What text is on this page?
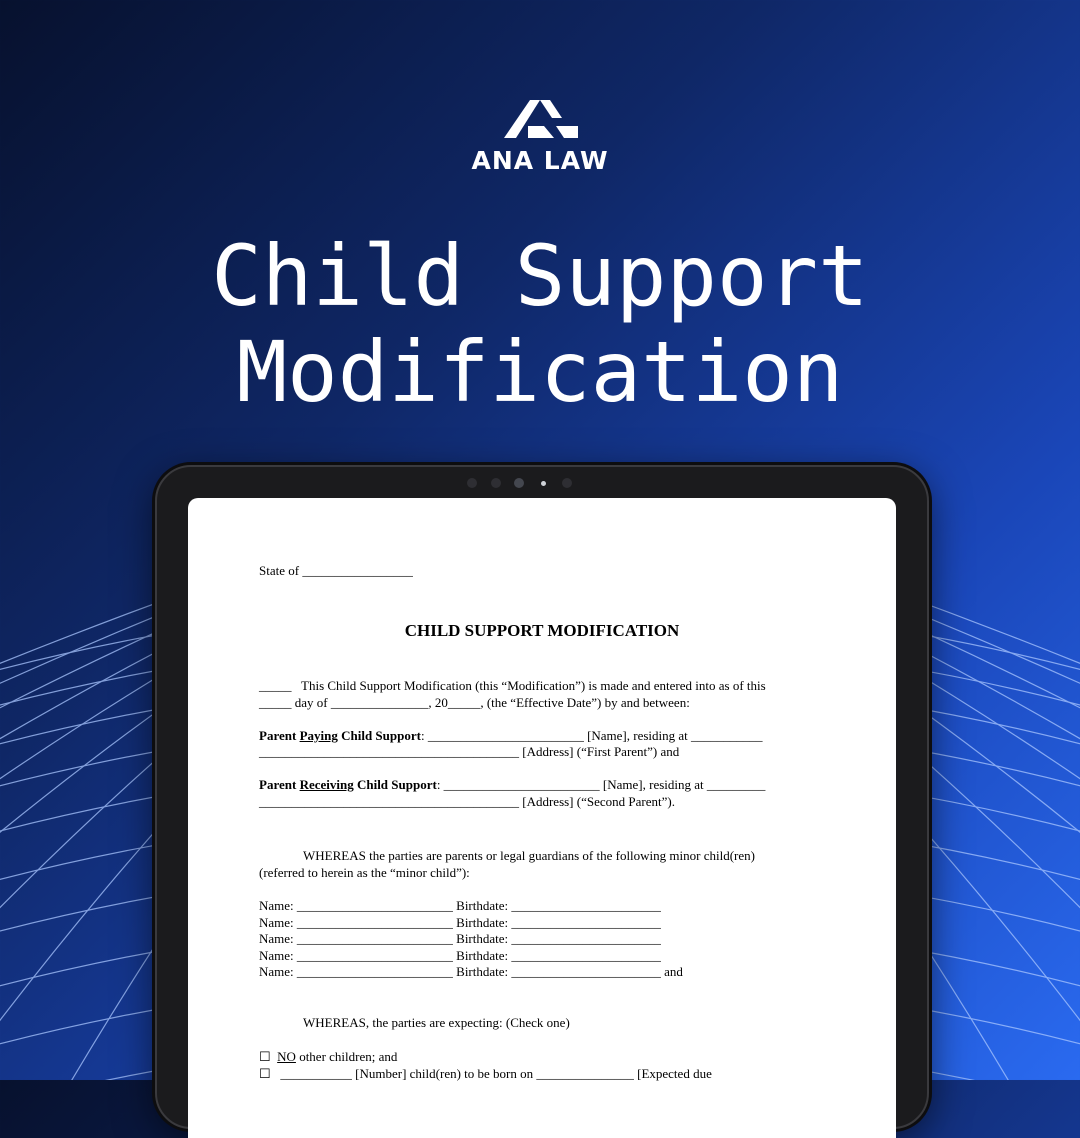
ANA LAW
Child Support
Modification
State of _________________
CHILD SUPPORT MODIFICATION
_____   This Child Support Modification (this “Modification”) is made and entered into as of this
_____ day of _______________, 20_____, (the “Effective Date”) by and between:
Parent Paying Child Support: ________________________ [Name], residing at ___________
________________________________________ [Address] (“First Parent”) and
Parent Receiving Child Support: ________________________ [Name], residing at _________
________________________________________ [Address] (“Second Parent”).
WHEREAS the parties are parents or legal guardians of the following minor child(ren)
(referred to herein as the “minor child”):
Name: ________________________ Birthdate: _______________________
Name: ________________________ Birthdate: _______________________
Name: ________________________ Birthdate: _______________________
Name: ________________________ Birthdate: _______________________
Name: ________________________ Birthdate: _______________________ and
WHEREAS, the parties are expecting: (Check one)
☐ NO other children; and
☐   ___________ [Number] child(ren) to be born on _______________ [Expected due
